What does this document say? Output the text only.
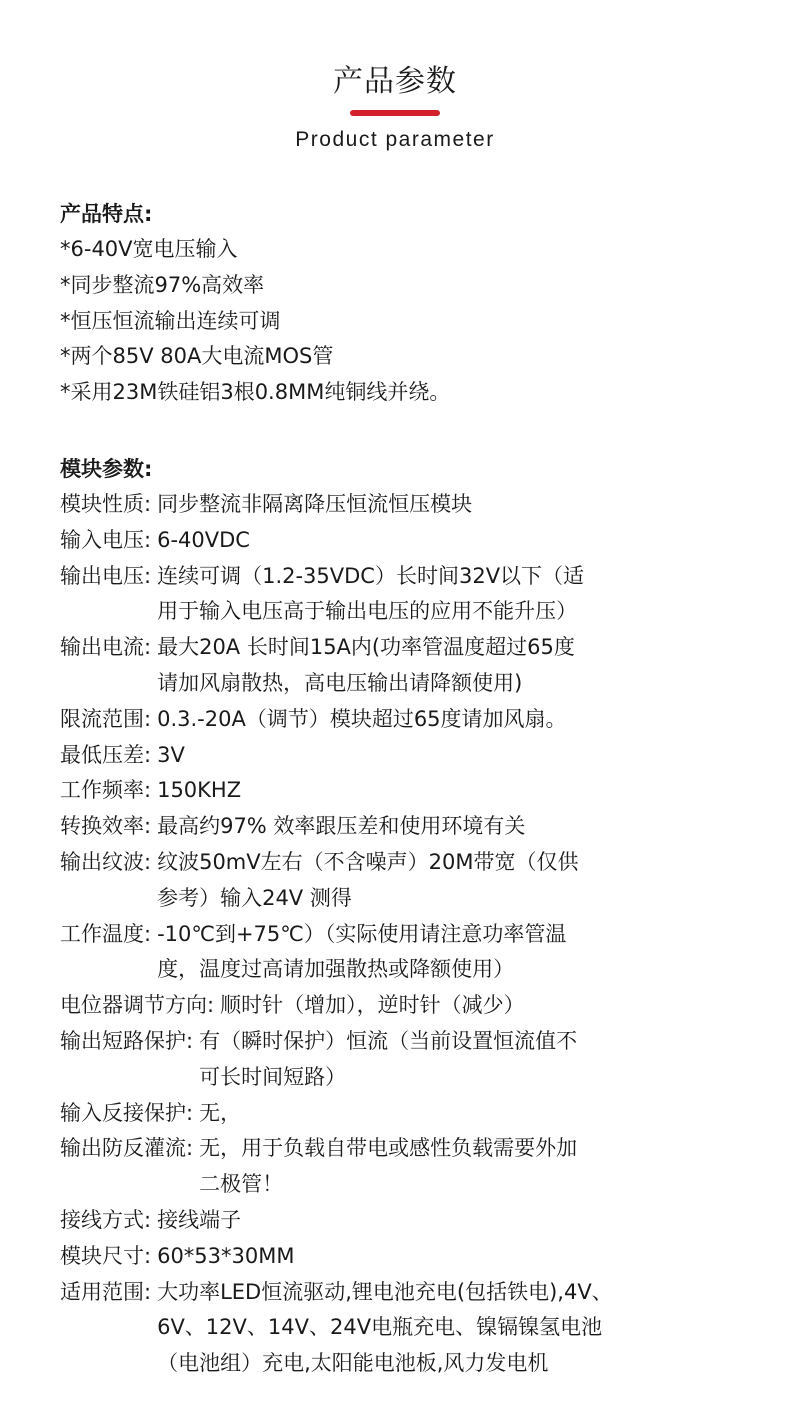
产品参数
Product parameter
产品特点:
*6-40V宽电压输入
*同步整流97%高效率
*恒压恒流输出连续可调
*两个85V 80A大电流MOS管
*采用23M铁硅铝3根0.8MM纯铜线并绕。
模块参数:
模块性质: 同步整流非隔离降压恒流恒压模块
输入电压: 6-40VDC
输出电压: 连续可调（1.2-35VDC）长时间32V以下（适
用于输入电压高于输出电压的应用不能升压）
输出电流: 最大20A 长时间15A内(功率管温度超过65度
请加风扇散热，高电压输出请降额使用)
限流范围: 0.3.-20A（调节）模块超过65度请加风扇。
最低压差: 3V
工作频率: 150KHZ
转换效率: 最高约97% 效率跟压差和使用环境有关
输出纹波: 纹波50mV左右（不含噪声）20M带宽（仅供
参考）输入24V 测得
工作温度: -10℃到+75℃）（实际使用请注意功率管温
度，温度过高请加强散热或降额使用）
电位器调节方向: 顺时针（增加），逆时针（减少）
输出短路保护: 有（瞬时保护）恒流（当前设置恒流值不
可长时间短路）
输入反接保护: 无，
输出防反灌流: 无，用于负载自带电或感性负载需要外加
二极管！
接线方式: 接线端子
模块尺寸: 60*53*30MM
适用范围: 大功率LED恒流驱动,锂电池充电(包括铁电),4V、
6V、12V、14V、24V电瓶充电、镍镉镍氢电池
（电池组）充电,太阳能电池板,风力发电机
